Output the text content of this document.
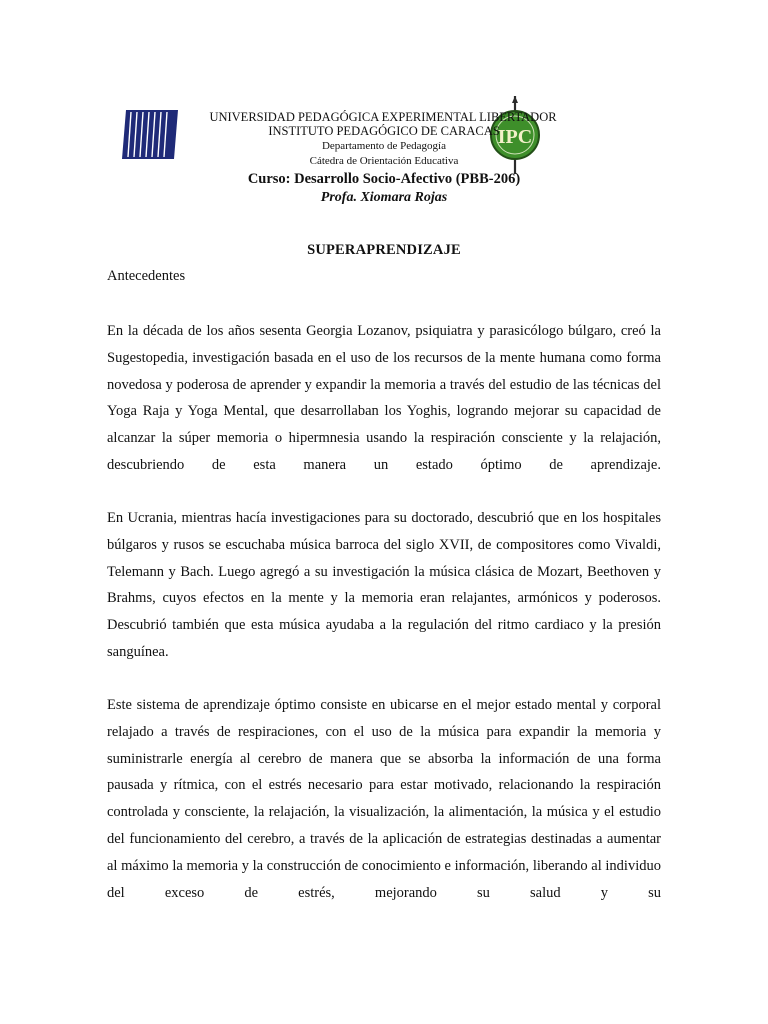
IPC
UNIVERSIDAD PEDAGÓGICA EXPERIMENTAL LIBERTADOR
INSTITUTO PEDAGÓGICO DE CARACAS
Departamento de Pedagogía
Cátedra de Orientación Educativa
Curso: Desarrollo Socio-Afectivo (PBB-206)
Profa. Xiomara Rojas
SUPERAPRENDIZAJE
Antecedentes

En la década de los años sesenta Georgia Lozanov, psiquiatra y parasicólogo búlgaro, creó la Sugestopedia, investigación basada en el uso de los recursos de la mente humana como forma novedosa y poderosa de aprender y expandir la memoria a través del estudio de las técnicas del Yoga Raja y Yoga Mental, que desarrollaban los Yoghis, logrando mejorar su capacidad de alcanzar la súper memoria o hipermnesia usando la respiración consciente y la relajación, descubriendo de esta manera un estado óptimo de aprendizaje.

En Ucrania, mientras hacía investigaciones para su doctorado, descubrió que en los hospitales búlgaros y rusos se escuchaba música barroca del siglo XVII, de compositores como Vivaldi, Telemann y Bach. Luego agregó a su investigación la música clásica de Mozart, Beethoven y Brahms, cuyos efectos en la mente y la memoria eran relajantes, armónicos y poderosos. Descubrió también que esta música ayudaba a la regulación del ritmo cardiaco y la presión sanguínea.

Este sistema de aprendizaje óptimo consiste en ubicarse en el mejor estado mental y corporal relajado a través de respiraciones, con el uso de la música para expandir la memoria y suministrarle energía al cerebro de manera que se absorba la información de una forma pausada y rítmica, con el estrés necesario para estar motivado, relacionando la respiración controlada y consciente, la relajación, la visualización, la alimentación, la música y el estudio del funcionamiento del cerebro, a través de la aplicación de estrategias destinadas a aumentar al máximo la memoria y la construcción de conocimiento e información, liberando al individuo del exceso de estrés, mejorando su salud y su
